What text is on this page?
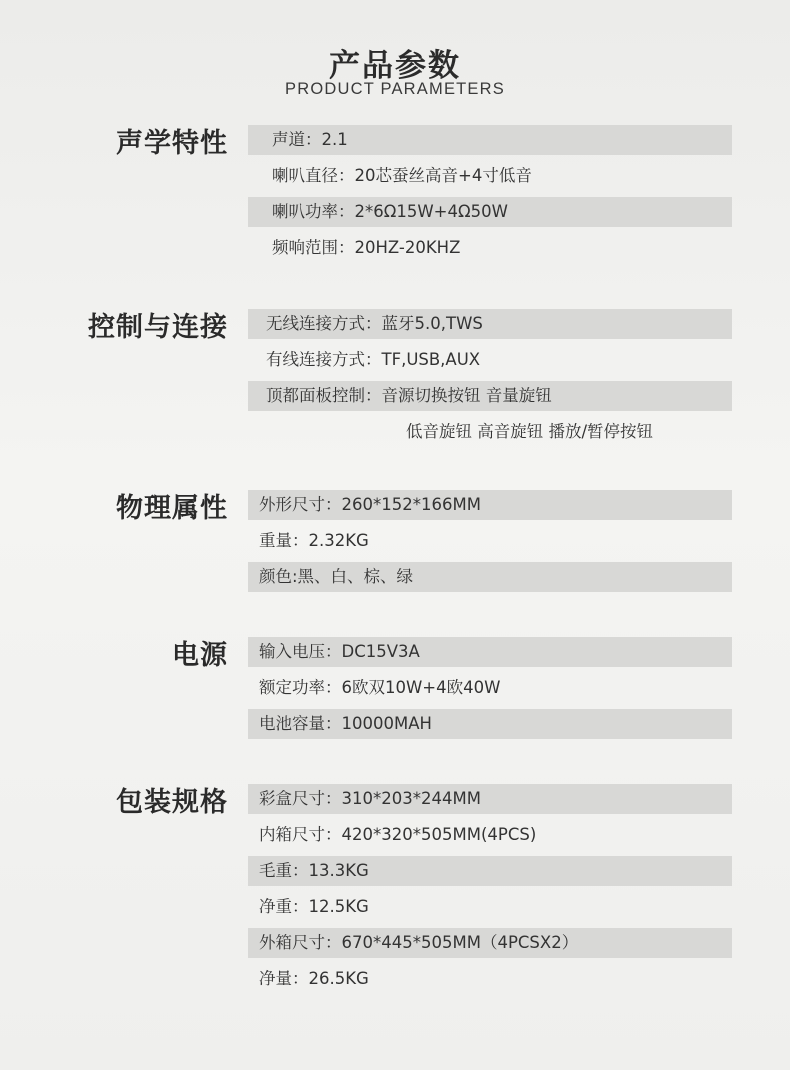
产品参数
PRODUCT PARAMETERS
声学特性	声道：2.1
喇叭直径：20芯蚕丝高音+4寸低音
喇叭功率：2*6Ω15W+4Ω50W
频响范围：20HZ-20KHZ
控制与连接 无线连接方式：蓝牙5.0,TWS
有线连接方式：TF,USB,AUX
顶都面板控制：音源切换按钮 音量旋钮
低音旋钮 高音旋钮 播放/暂停按钮
物理属性 外形尺寸：260*152*166MM
重量：2.32KG
颜色:黑、白、棕、绿
电源 输入电压：DC15V3A
额定功率：6欧双10W+4欧40W
电池容量：10000MAH
包装规格 彩盒尺寸：310*203*244MM
内箱尺寸：420*320*505MM(4PCS)
毛重：13.3KG
净重：12.5KG
外箱尺寸：670*445*505MM（4PCSX2）
净量：26.5KG
